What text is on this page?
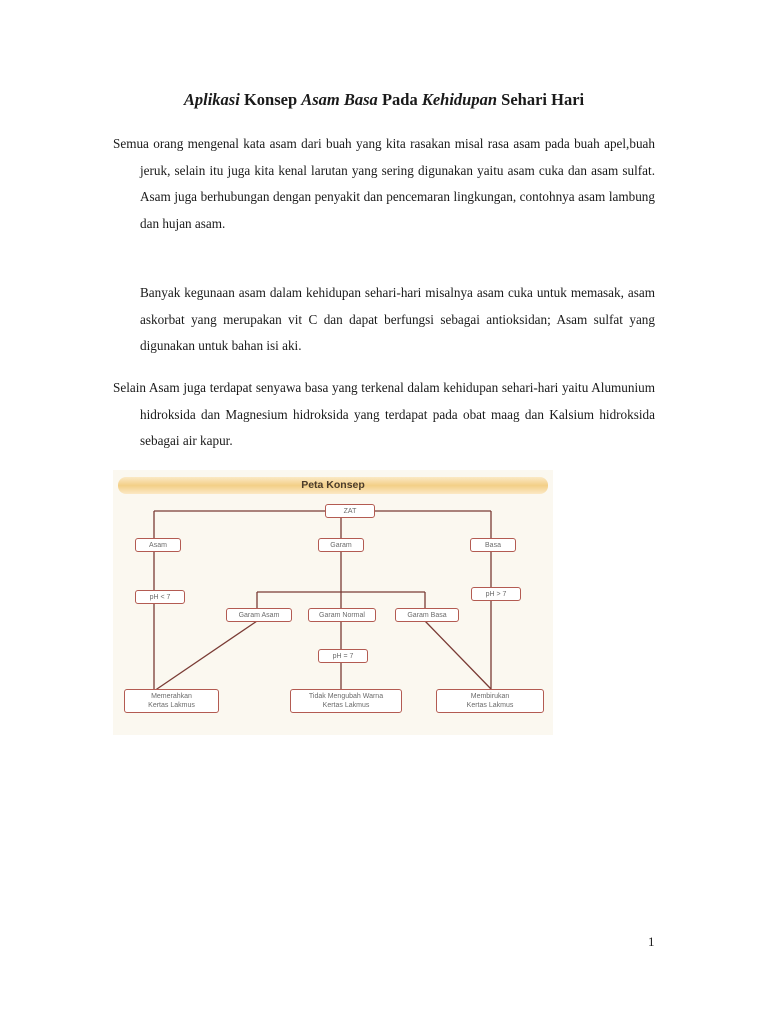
Aplikasi Konsep Asam Basa Pada Kehidupan Sehari Hari

Semua orang mengenal kata asam dari buah yang kita rasakan misal rasa asam pada buah apel,buah jeruk, selain itu juga kita kenal larutan yang sering digunakan yaitu asam cuka dan asam sulfat. Asam juga berhubungan dengan penyakit dan pencemaran lingkungan, contohnya asam lambung dan hujan asam.

Banyak kegunaan asam dalam kehidupan sehari-hari misalnya asam cuka untuk memasak, asam askorbat yang merupakan vit C dan dapat berfungsi sebagai antioksidan; Asam sulfat yang digunakan untuk bahan isi aki.

Selain Asam juga terdapat senyawa basa yang terkenal dalam kehidupan sehari-hari yaitu Alumunium hidroksida dan Magnesium hidroksida yang terdapat pada obat maag dan Kalsium hidroksida sebagai air kapur.

Peta Konsep
ZAT
Asam	Garam	Basa
pH < 7	pH > 7
Garam Asam	Garam Normal	Garam Basa
pH = 7
Memerahkan
Kertas Lakmus
Tidak Mengubah Warna
Kertas Lakmus
Membirukan
Kertas Lakmus
1
